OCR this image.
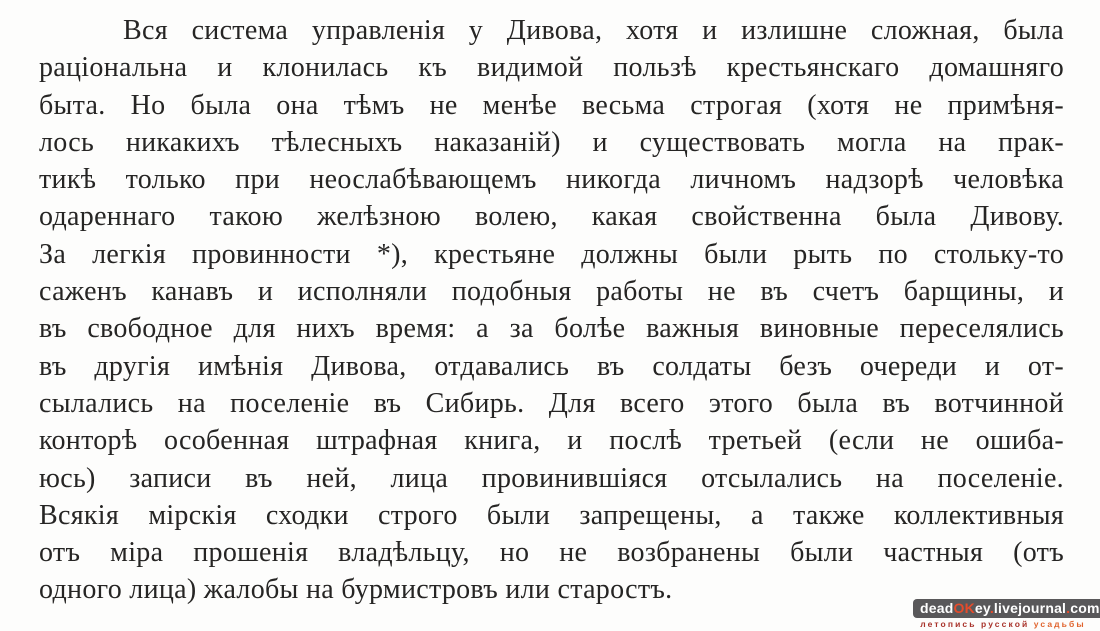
Вся система управленія у Дивова, хотя и излишне сложная, была
раціональна и клонилась къ видимой пользѣ крестьянскаго домашняго
быта. Но была она тѣмъ не менѣе весьма строгая (хотя не примѣня-
лось никакихъ тѣлесныхъ наказаній) и существовать могла на прак-
тикѣ только при неослабѣвающемъ никогда личномъ надзорѣ человѣка
одареннаго такою желѣзною волею, какая свойственна была Дивову.
За легкія провинности *), крестьяне должны были рыть по стольку-то
саженъ канавъ и исполняли подобныя работы не въ счетъ барщины, и
въ свободное для нихъ время: а за болѣе важныя виновные переселялись
въ другія имѣнія Дивова, отдавались въ солдаты безъ очереди и от-
сылались на поселеніе въ Сибирь. Для всего этого была въ вотчинной
конторѣ особенная штрафная книга, и послѣ третьей (если не ошиба-
юсь) записи въ ней, лица провинившіяся отсылались на поселеніе.
Всякія мірскія сходки строго были запрещены, а также коллективныя
отъ міра прошенія владѣльцу, но не возбранены были частныя (отъ
одного лица) жалобы на бурмистровъ или старостъ.
deadOKey.livejournal.com
летопись русской усадьбы
